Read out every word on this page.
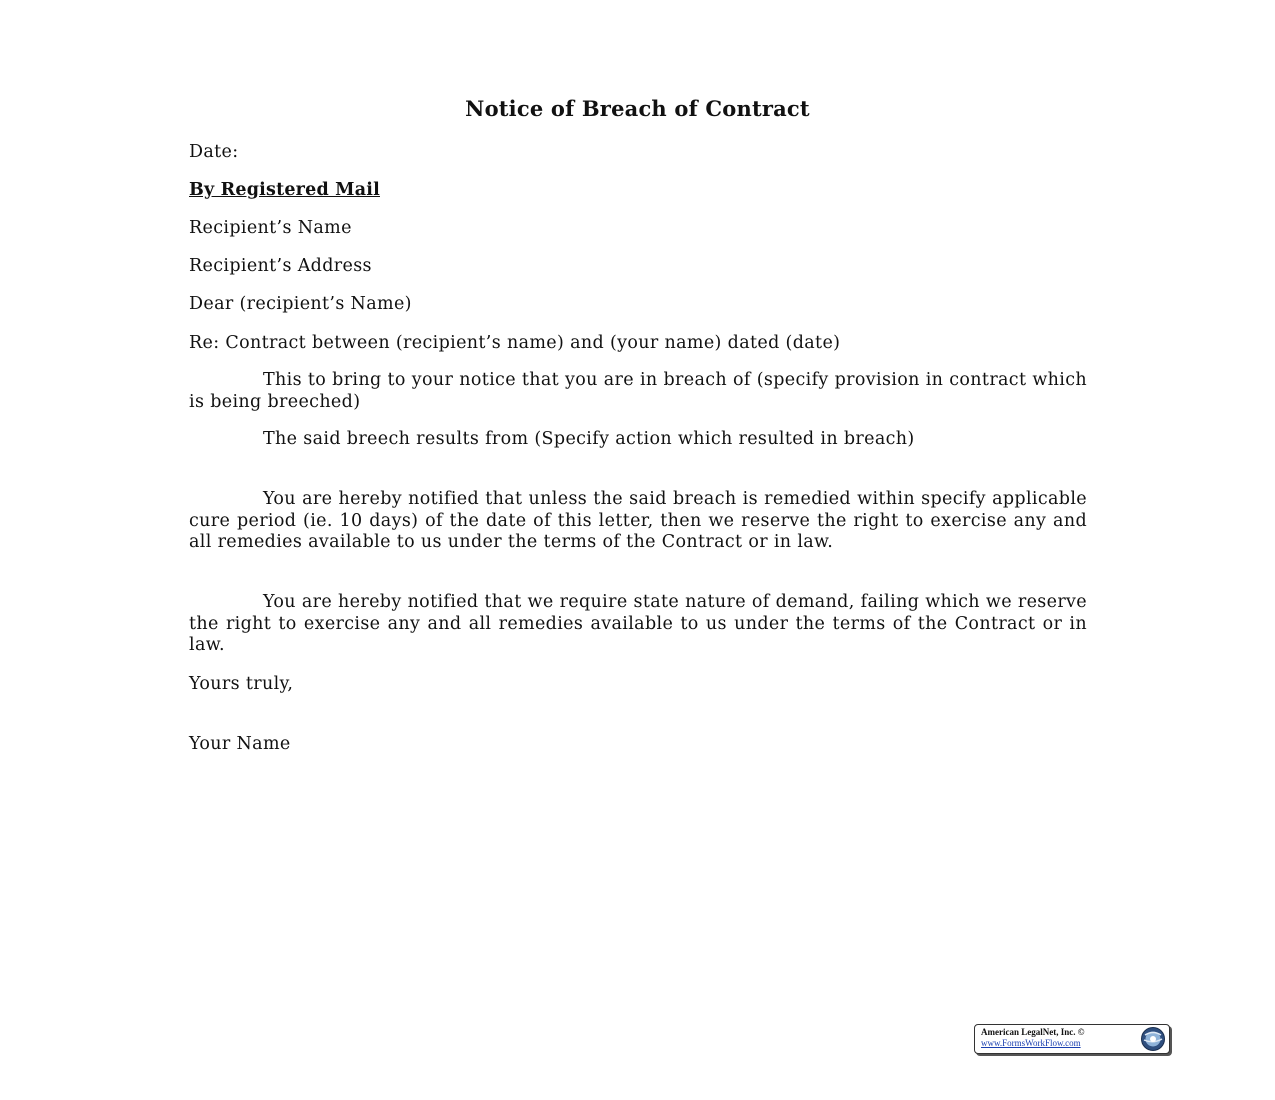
Notice of Breach of Contract
Date:
By Registered Mail
Recipient’s Name
Recipient’s Address
Dear (recipient’s Name)
Re: Contract between (recipient’s name) and (your name) dated (date)

This to bring to your notice that you are in breach of (specify provision in contract which is being breeched)

The said breech results from (Specify action which resulted in breach)

You are hereby notified that unless the said breach is remedied within specify applicable cure period (ie. 10 days) of the date of this letter, then we reserve the right to exercise any and all remedies available to us under the terms of the Contract or in law.

You are hereby notified that we require state nature of demand, failing which we reserve the right to exercise any and all remedies available to us under the terms of the Contract or in law.

Yours truly,
Your Name
American LegalNet, Inc. ©
www.FormsWorkFlow.com
